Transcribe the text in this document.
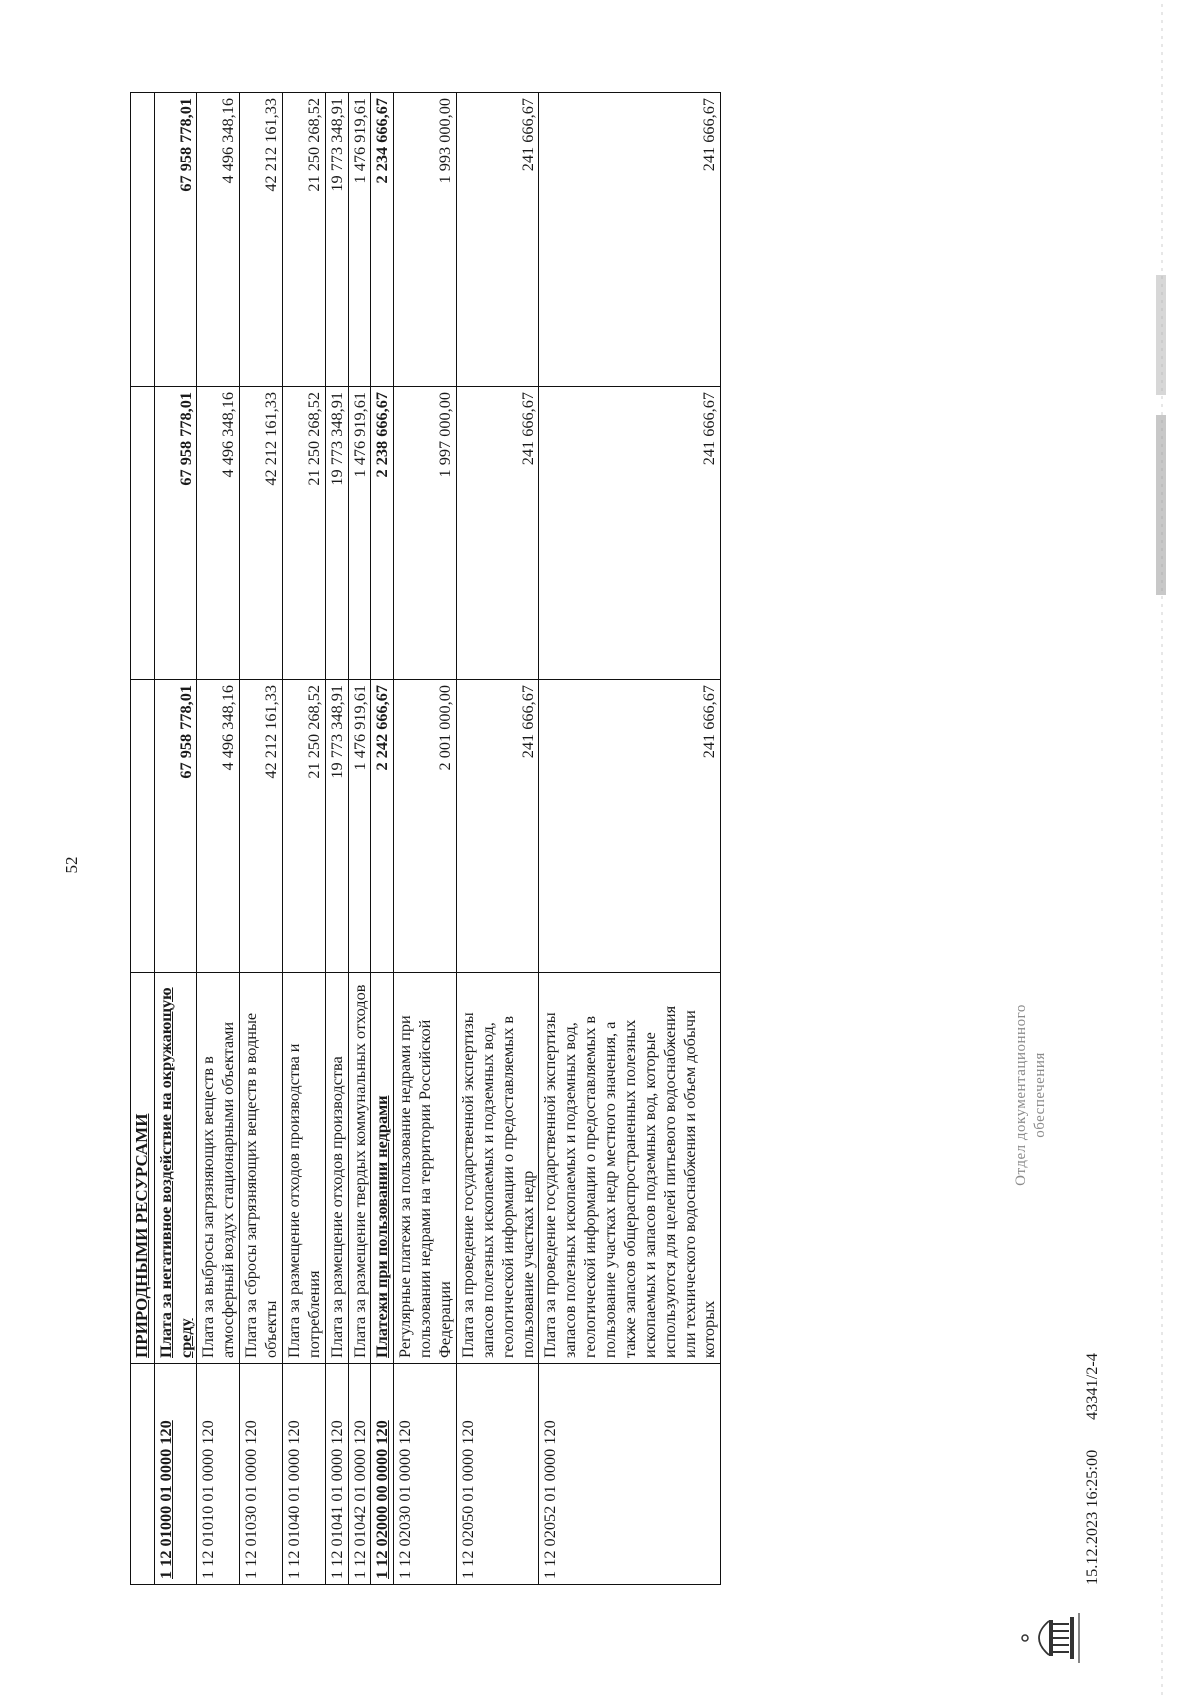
52
	ПРИРОДНЫМИ РЕСУРСАМИ			
1 12 01000 01 0000 120	Плата за негативное воздействие на окружающую среду	67 958 778,01	67 958 778,01	67 958 778,01
1 12 01010 01 0000 120	Плата за выбросы загрязняющих веществ в атмосферный воздух стационарными объектами	4 496 348,16	4 496 348,16	4 496 348,16
1 12 01030 01 0000 120	Плата за сбросы загрязняющих веществ в водные объекты	42 212 161,33	42 212 161,33	42 212 161,33
1 12 01040 01 0000 120	Плата за размещение отходов производства и потребления	21 250 268,52	21 250 268,52	21 250 268,52
1 12 01041 01 0000 120	Плата за размещение отходов производства	19 773 348,91	19 773 348,91	19 773 348,91
1 12 01042 01 0000 120	Плата за размещение твердых коммунальных отходов	1 476 919,61	1 476 919,61	1 476 919,61
1 12 02000 00 0000 120	Платежи при пользовании недрами	2 242 666,67	2 238 666,67	2 234 666,67
1 12 02030 01 0000 120	Регулярные платежи за пользование недрами при пользовании недрами на территории Российской Федерации	2 001 000,00	1 997 000,00	1 993 000,00
1 12 02050 01 0000 120	Плата за проведение государственной экспертизы запасов полезных ископаемых и подземных вод, геологической информации о предоставляемых в пользование участках недр	241 666,67	241 666,67	241 666,67
1 12 02052 01 0000 120	Плата за проведение государственной экспертизы запасов полезных ископаемых и подземных вод, геологической информации о предоставляемых в пользование участках недр местного значения, а также запасов общераспространенных полезных ископаемых и запасов подземных вод, которые используются для целей питьевого водоснабжения или технического водоснабжения и объем добычи которых	241 666,67	241 666,67	241 666,67
15.12.2023 16:25:00
43341/2-4
Отдел документационного обеспечения
